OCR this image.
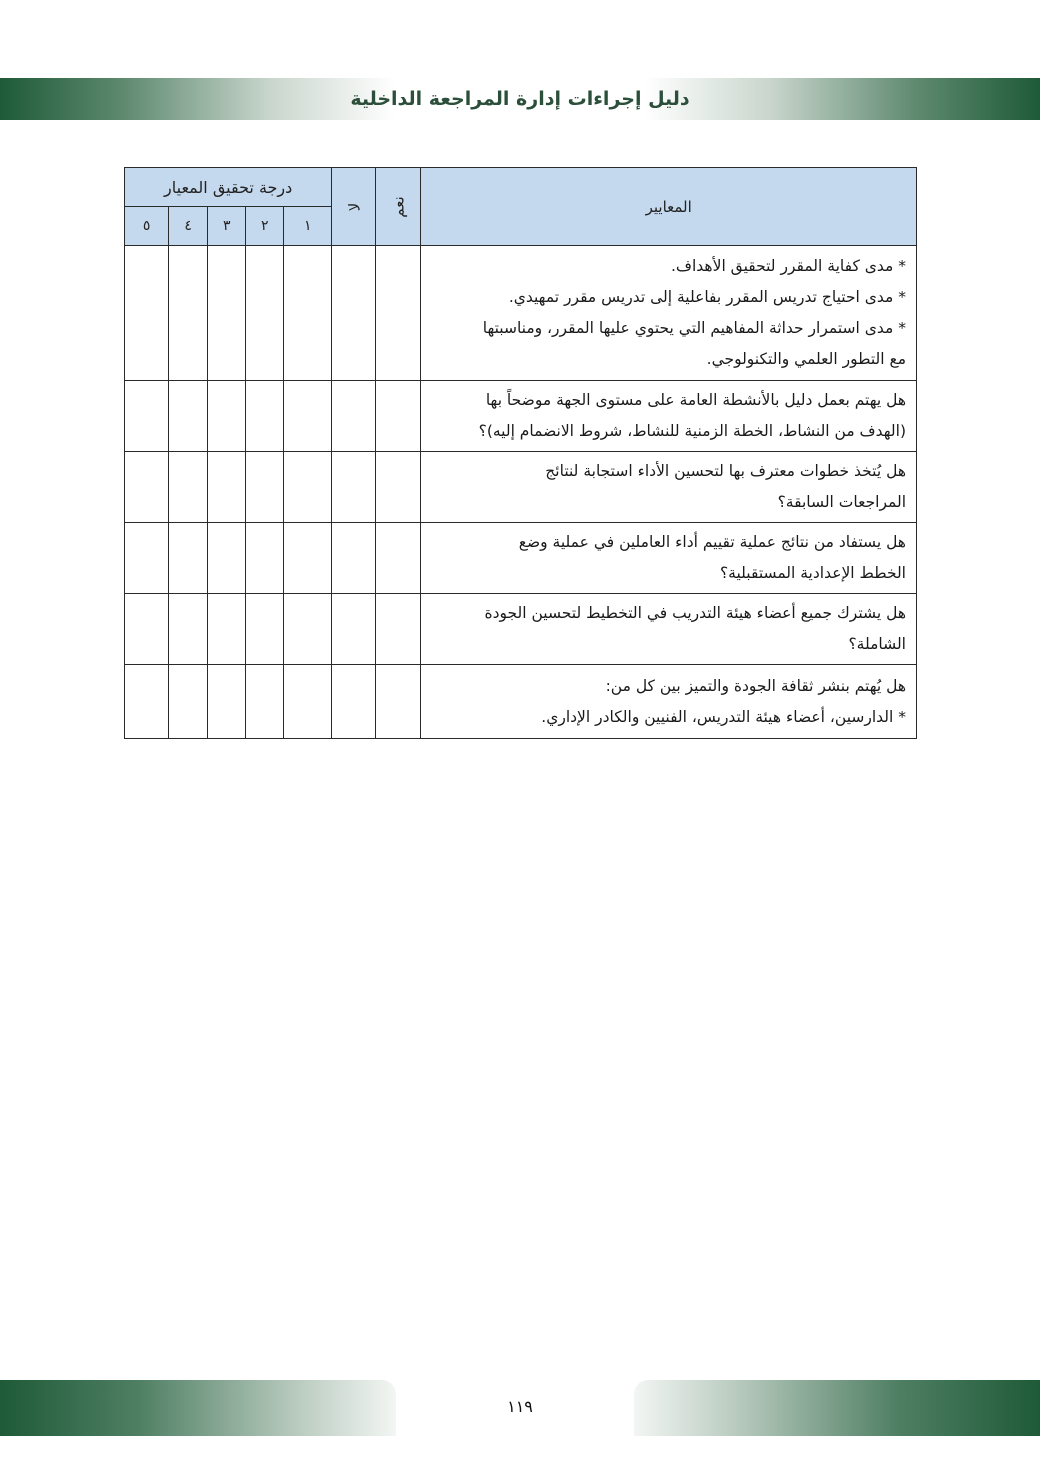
دليل إجراءات إدارة المراجعة الداخلية
المعايير	نعم	لا	درجة تحقيق المعيار				
			١	٢	٣	٤	٥

* مدى كفاية المقرر لتحقيق الأهداف.
* مدى احتياج تدريس المقرر بفاعلية إلى تدريس مقرر تمهيدي.
* مدى استمرار حداثة المفاهيم التي يحتوي عليها المقرر، ومناسبتها
مع التطور العلمي والتكنولوجي.							

هل يهتم بعمل دليل بالأنشطة العامة على مستوى الجهة موضحاً بها
(الهدف من النشاط، الخطة الزمنية للنشاط، شروط الانضمام إليه)؟							

هل يُتخذ خطوات معترف بها لتحسين الأداء استجابة لنتائج
المراجعات السابقة؟							

هل يستفاد من نتائج عملية تقييم أداء العاملين في عملية وضع
الخطط الإعدادية المستقبلية؟							

هل يشترك جميع أعضاء هيئة التدريب في التخطيط لتحسين الجودة
الشاملة؟							

هل يُهتم بنشر ثقافة الجودة والتميز بين كل من:
* الدارسين، أعضاء هيئة التدريس، الفنيين والكادر الإداري.							

١١٩
